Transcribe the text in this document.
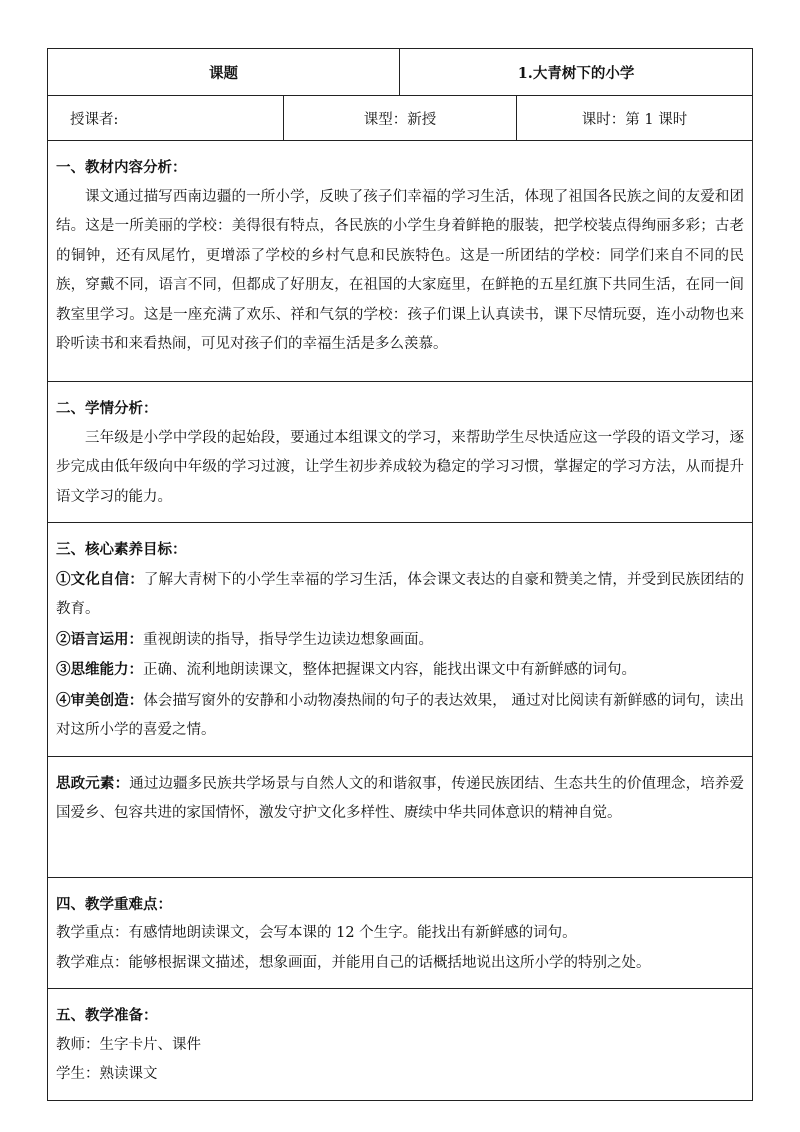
课题		1.大青树下的小学	
授课者:	课型：新授		课时：第 1 课时

一、教材内容分析：

课文通过描写西南边疆的一所小学，反映了孩子们幸福的学习生活，体现了祖国各民族之间的友爱和团结。这是一所美丽的学校：美得很有特点，各民族的小学生身着鲜艳的服装，把学校装点得绚丽多彩；古老的铜钟，还有凤尾竹，更增添了学校的乡村气息和民族特色。这是一所团结的学校：同学们来自不同的民族，穿戴不同，语言不同，但都成了好朋友，在祖国的大家庭里，在鲜艳的五星红旗下共同生活，在同一间教室里学习。这是一座充满了欢乐、祥和气氛的学校：孩子们课上认真读书，课下尽情玩耍，连小动物也来聆听读书和来看热闹，可见对孩子们的幸福生活是多么羡慕。			

二、学情分析：

三年级是小学中学段的起始段，要通过本组课文的学习，来帮助学生尽快适应这一学段的语文学习，逐步完成由低年级向中年级的学习过渡，让学生初步养成较为稳定的学习习惯，掌握定的学习方法，从而提升语文学习的能力。			

三、核心素养目标：

①文化自信：了解大青树下的小学生幸福的学习生活，体会课文表达的自豪和赞美之情，并受到民族团结的教育。

②语言运用：重视朗读的指导，指导学生边读边想象画面。

③思维能力：正确、流利地朗读课文，整体把握课文内容，能找出课文中有新鲜感的词句。

④审美创造：体会描写窗外的安静和小动物凑热闹的句子的表达效果， 通过对比阅读有新鲜感的词句，读出对这所小学的喜爱之情。			

思政元素：通过边疆多民族共学场景与自然人文的和谐叙事，传递民族团结、生态共生的价值理念，培养爱国爱乡、包容共进的家国情怀，激发守护文化多样性、赓续中华共同体意识的精神自觉。			

四、教学重难点：

教学重点：有感情地朗读课文，会写本课的 12 个生字。能找出有新鲜感的词句。

教学难点：能够根据课文描述，想象画面，并能用自己的话概括地说出这所小学的特别之处。			

五、教学准备：

教师：生字卡片、课件

学生：熟读课文			
